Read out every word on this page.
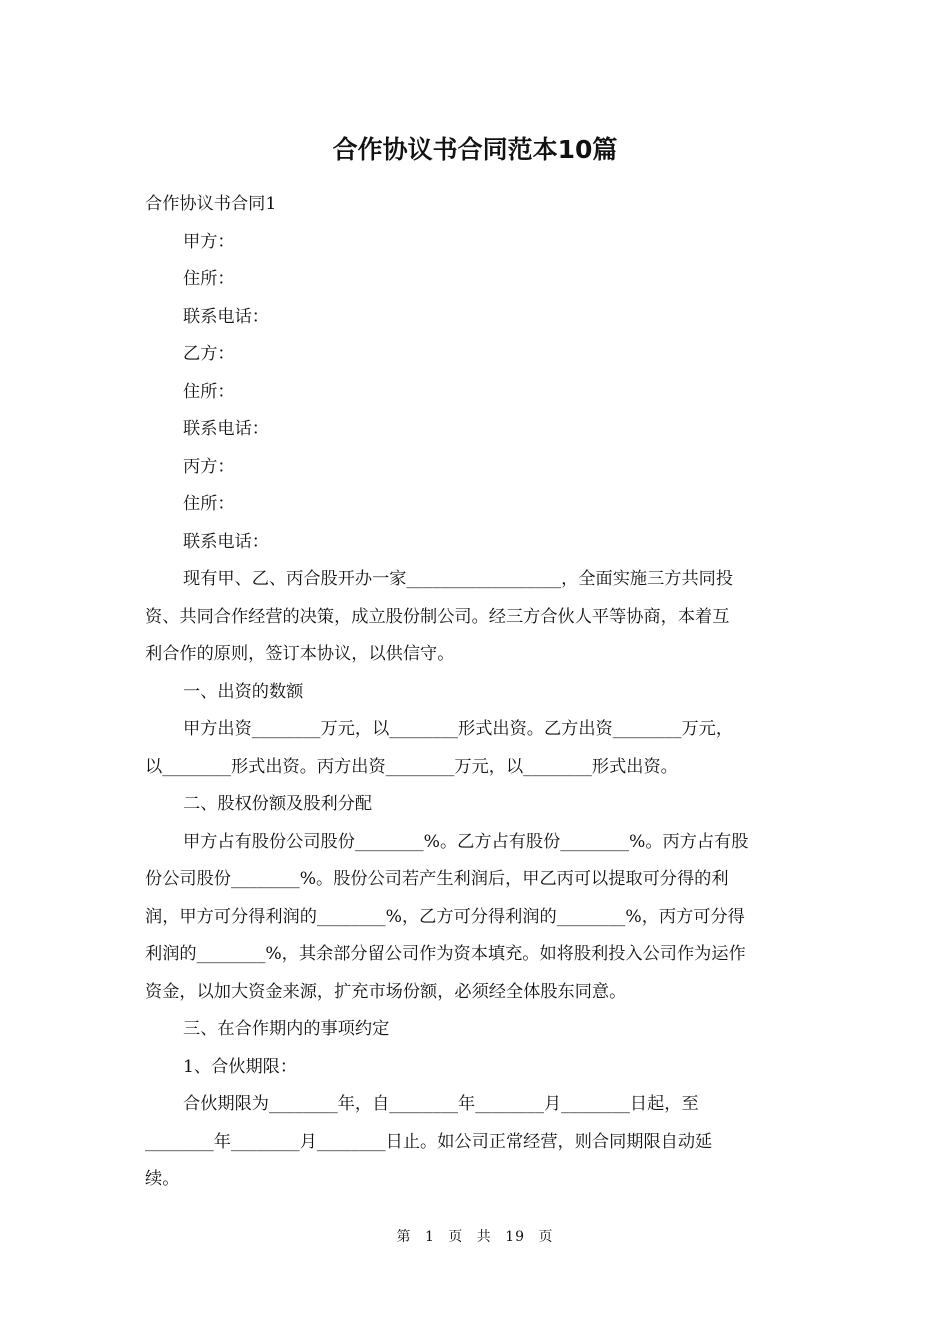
合作协议书合同范本10篇
合作协议书合同1
甲方：
住所：
联系电话：
乙方：
住所：
联系电话：
丙方：
住所：
联系电话：
现有甲、乙、丙合股开办一家__________________，全面实施三方共同投
资、共同合作经营的决策，成立股份制公司。经三方合伙人平等协商，本着互
利合作的原则，签订本协议，以供信守。
一、出资的数额
甲方出资________万元，以________形式出资。乙方出资________万元，
以________形式出资。丙方出资________万元，以________形式出资。
二、股权份额及股利分配
甲方占有股份公司股份________%。乙方占有股份________%。丙方占有股
份公司股份________%。股份公司若产生利润后，甲乙丙可以提取可分得的利
润，甲方可分得利润的________%，乙方可分得利润的________%，丙方可分得
利润的________%，其余部分留公司作为资本填充。如将股利投入公司作为运作
资金，以加大资金来源，扩充市场份额，必须经全体股东同意。
三、在合作期内的事项约定
1、合伙期限：
合伙期限为________年，自________年________月________日起，至
________年________月________日止。如公司正常经营，则合同期限自动延
续。
第 1 页 共 19 页
